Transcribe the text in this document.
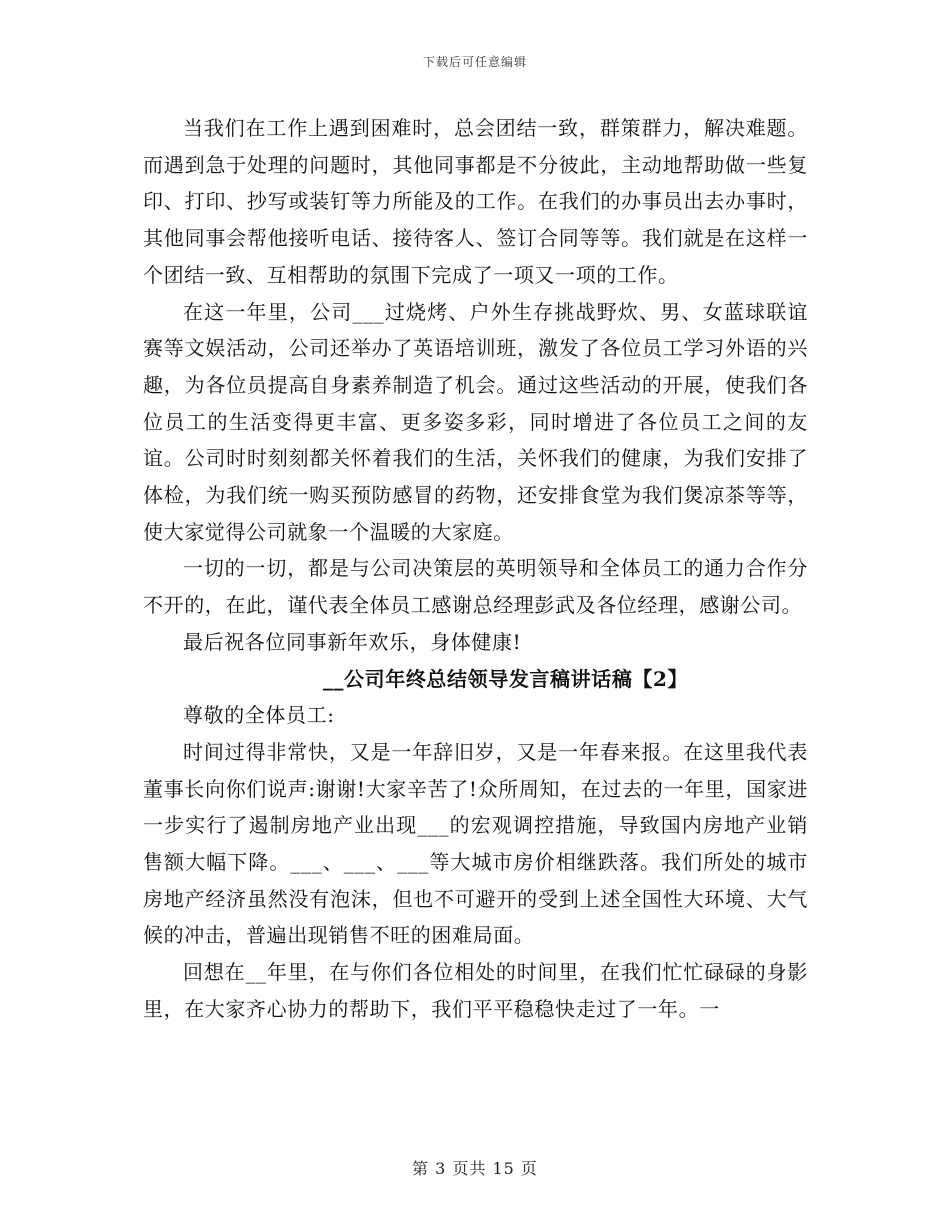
下载后可任意编辑

当我们在工作上遇到困难时，总会团结一致，群策群力，解决难题。而遇到急于处理的问题时，其他同事都是不分彼此，主动地帮助做一些复印、打印、抄写或装钉等力所能及的工作。在我们的办事员出去办事时，其他同事会帮他接听电话、接待客人、签订合同等等。我们就是在这样一个团结一致、互相帮助的氛围下完成了一项又一项的工作。

在这一年里，公司___过烧烤、户外生存挑战野炊、男、女蓝球联谊赛等文娱活动，公司还举办了英语培训班，激发了各位员工学习外语的兴趣，为各位员提高自身素养制造了机会。通过这些活动的开展，使我们各位员工的生活变得更丰富、更多姿多彩，同时增进了各位员工之间的友谊。公司时时刻刻都关怀着我们的生活，关怀我们的健康，为我们安排了体检，为我们统一购买预防感冒的药物，还安排食堂为我们煲凉茶等等，使大家觉得公司就象一个温暖的大家庭。

一切的一切，都是与公司决策层的英明领导和全体员工的通力合作分不开的，在此，谨代表全体员工感谢总经理彭武及各位经理，感谢公司。

最后祝各位同事新年欢乐，身体健康!

__公司年终总结领导发言稿讲话稿【2】

尊敬的全体员工:

时间过得非常快，又是一年辞旧岁，又是一年春来报。在这里我代表董事长向你们说声:谢谢!大家辛苦了!众所周知，在过去的一年里，国家进一步实行了遏制房地产业出现___的宏观调控措施，导致国内房地产业销售额大幅下降。___、___、___等大城市房价相继跌落。我们所处的城市房地产经济虽然没有泡沫，但也不可避开的受到上述全国性大环境、大气候的冲击，普遍出现销售不旺的困难局面。

回想在__年里，在与你们各位相处的时间里，在我们忙忙碌碌的身影里，在大家齐心协力的帮助下，我们平平稳稳快走过了一年。一

第 3 页共 15 页
